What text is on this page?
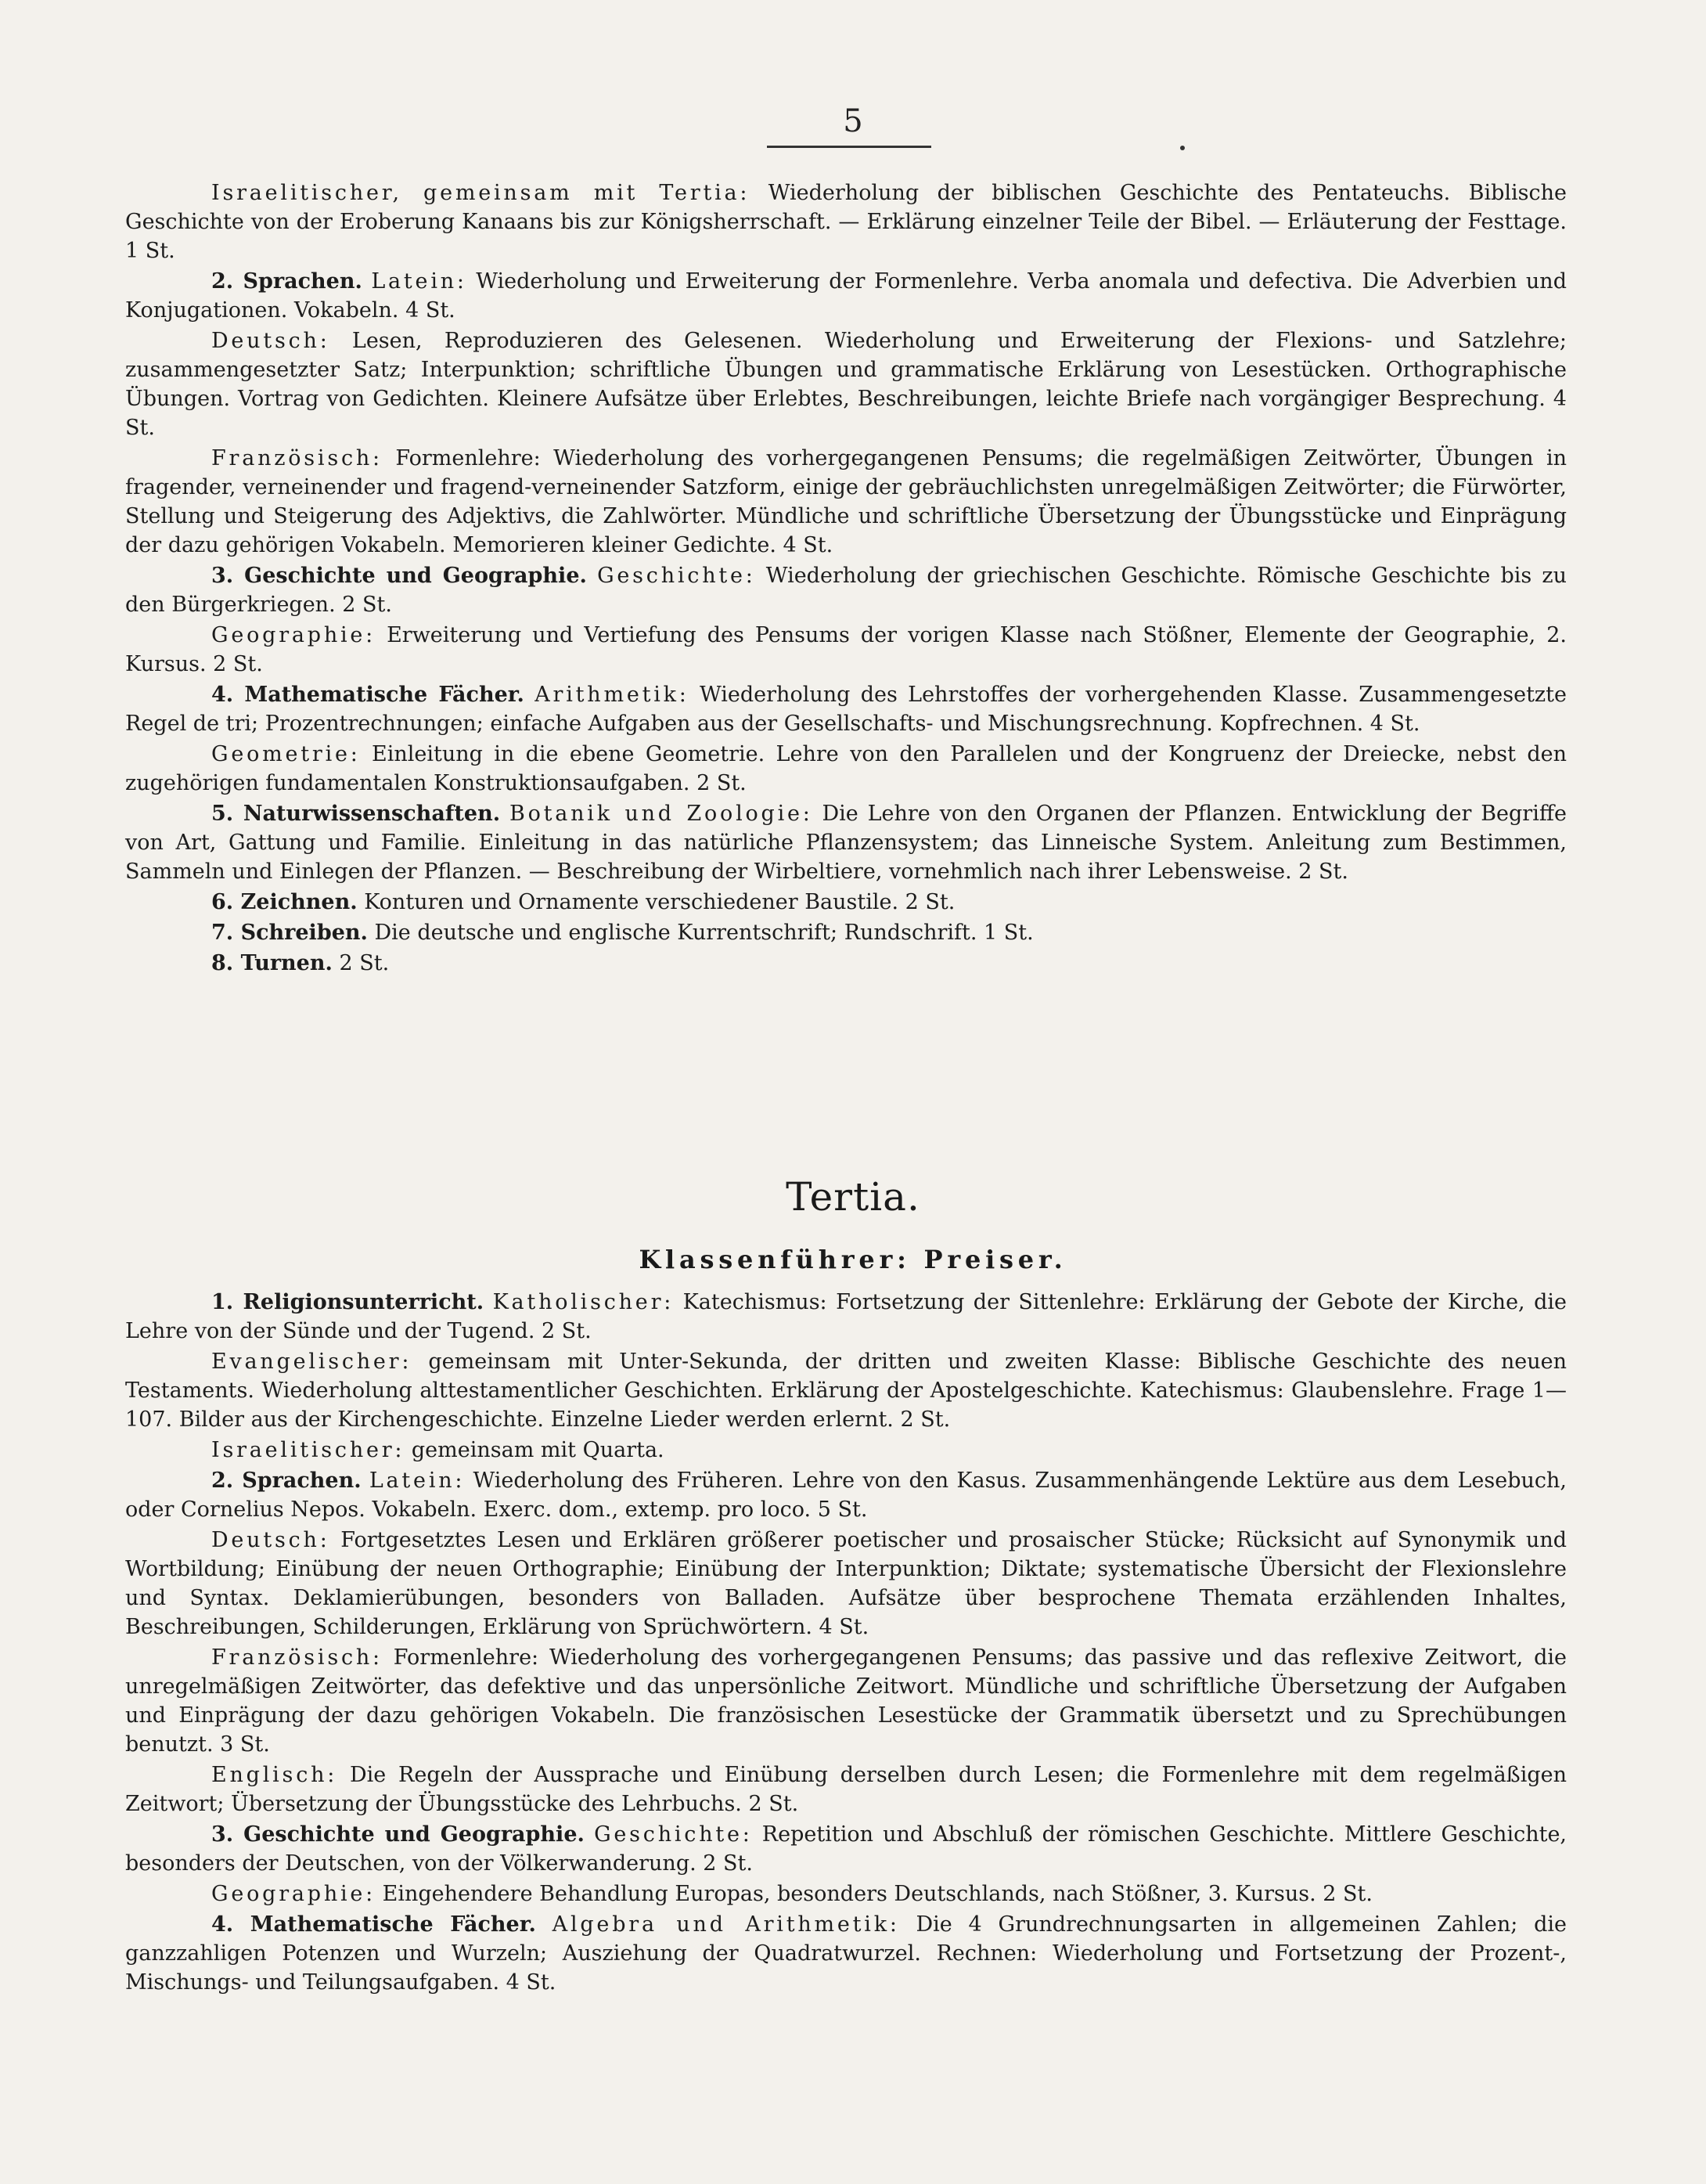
5

Israelitischer, gemeinsam mit Tertia: Wiederholung der biblischen Geschichte des Pentateuchs. Biblische Geschichte von der Eroberung Kanaans bis zur Königsherrschaft. — Erklärung einzelner Teile der Bibel. — Erläuterung der Festtage. 1 St.

2. Sprachen. Latein: Wiederholung und Erweiterung der Formenlehre. Verba anomala und defectiva. Die Adverbien und Konjugationen. Vokabeln. 4 St.

Deutsch: Lesen, Reproduzieren des Gelesenen. Wiederholung und Erweiterung der Flexions- und Satzlehre; zusammengesetzter Satz; Interpunktion; schriftliche Übungen und grammatische Erklärung von Lesestücken. Orthographische Übungen. Vortrag von Gedichten. Kleinere Aufsätze über Erlebtes, Beschreibungen, leichte Briefe nach vorgängiger Besprechung. 4 St.

Französisch: Formenlehre: Wiederholung des vorhergegangenen Pensums; die regelmäßigen Zeitwörter, Übungen in fragender, verneinender und fragend-verneinender Satzform, einige der gebräuchlichsten unregelmäßigen Zeitwörter; die Fürwörter, Stellung und Steigerung des Adjektivs, die Zahlwörter. Mündliche und schriftliche Übersetzung der Übungsstücke und Einprägung der dazu gehörigen Vokabeln. Memorieren kleiner Gedichte. 4 St.

3. Geschichte und Geographie. Geschichte: Wiederholung der griechischen Geschichte. Römische Geschichte bis zu den Bürgerkriegen. 2 St.

Geographie: Erweiterung und Vertiefung des Pensums der vorigen Klasse nach Stößner, Elemente der Geographie, 2. Kursus. 2 St.

4. Mathematische Fächer. Arithmetik: Wiederholung des Lehrstoffes der vorhergehenden Klasse. Zusammengesetzte Regel de tri; Prozentrechnungen; einfache Aufgaben aus der Gesellschafts- und Mischungsrechnung. Kopfrechnen. 4 St.

Geometrie: Einleitung in die ebene Geometrie. Lehre von den Parallelen und der Kongruenz der Dreiecke, nebst den zugehörigen fundamentalen Konstruktionsaufgaben. 2 St.

5. Naturwissenschaften. Botanik und Zoologie: Die Lehre von den Organen der Pflanzen. Entwicklung der Begriffe von Art, Gattung und Familie. Einleitung in das natürliche Pflanzensystem; das Linneische System. Anleitung zum Bestimmen, Sammeln und Einlegen der Pflanzen. — Beschreibung der Wirbeltiere, vornehmlich nach ihrer Lebensweise. 2 St.

6. Zeichnen. Konturen und Ornamente verschiedener Baustile. 2 St.

7. Schreiben. Die deutsche und englische Kurrentschrift; Rundschrift. 1 St.

8. Turnen. 2 St.

Tertia.
Klassenführer: Preiser.

1. Religionsunterricht. Katholischer: Katechismus: Fortsetzung der Sittenlehre: Erklärung der Gebote der Kirche, die Lehre von der Sünde und der Tugend. 2 St.

Evangelischer: gemeinsam mit Unter-Sekunda, der dritten und zweiten Klasse: Biblische Geschichte des neuen Testaments. Wiederholung alttestamentlicher Geschichten. Erklärung der Apostelgeschichte. Katechismus: Glaubenslehre. Frage 1—107. Bilder aus der Kirchengeschichte. Einzelne Lieder werden erlernt. 2 St.

Israelitischer: gemeinsam mit Quarta.

2. Sprachen. Latein: Wiederholung des Früheren. Lehre von den Kasus. Zusammenhängende Lektüre aus dem Lesebuch, oder Cornelius Nepos. Vokabeln. Exerc. dom., extemp. pro loco. 5 St.

Deutsch: Fortgesetztes Lesen und Erklären größerer poetischer und prosaischer Stücke; Rücksicht auf Synonymik und Wortbildung; Einübung der neuen Orthographie; Einübung der Interpunktion; Diktate; systematische Übersicht der Flexionslehre und Syntax. Deklamierübungen, besonders von Balladen. Aufsätze über besprochene Themata erzählenden Inhaltes, Beschreibungen, Schilderungen, Erklärung von Sprüchwörtern. 4 St.

Französisch: Formenlehre: Wiederholung des vorhergegangenen Pensums; das passive und das reflexive Zeitwort, die unregelmäßigen Zeitwörter, das defektive und das unpersönliche Zeitwort. Mündliche und schriftliche Übersetzung der Aufgaben und Einprägung der dazu gehörigen Vokabeln. Die französischen Lesestücke der Grammatik übersetzt und zu Sprechübungen benutzt. 3 St.

Englisch: Die Regeln der Aussprache und Einübung derselben durch Lesen; die Formenlehre mit dem regelmäßigen Zeitwort; Übersetzung der Übungsstücke des Lehrbuchs. 2 St.

3. Geschichte und Geographie. Geschichte: Repetition und Abschluß der römischen Geschichte. Mittlere Geschichte, besonders der Deutschen, von der Völkerwanderung. 2 St.

Geographie: Eingehendere Behandlung Europas, besonders Deutschlands, nach Stößner, 3. Kursus. 2 St.

4. Mathematische Fächer. Algebra und Arithmetik: Die 4 Grundrechnungsarten in allgemeinen Zahlen; die ganzzahligen Potenzen und Wurzeln; Ausziehung der Quadratwurzel. Rechnen: Wiederholung und Fortsetzung der Prozent-, Mischungs- und Teilungsaufgaben. 4 St.
